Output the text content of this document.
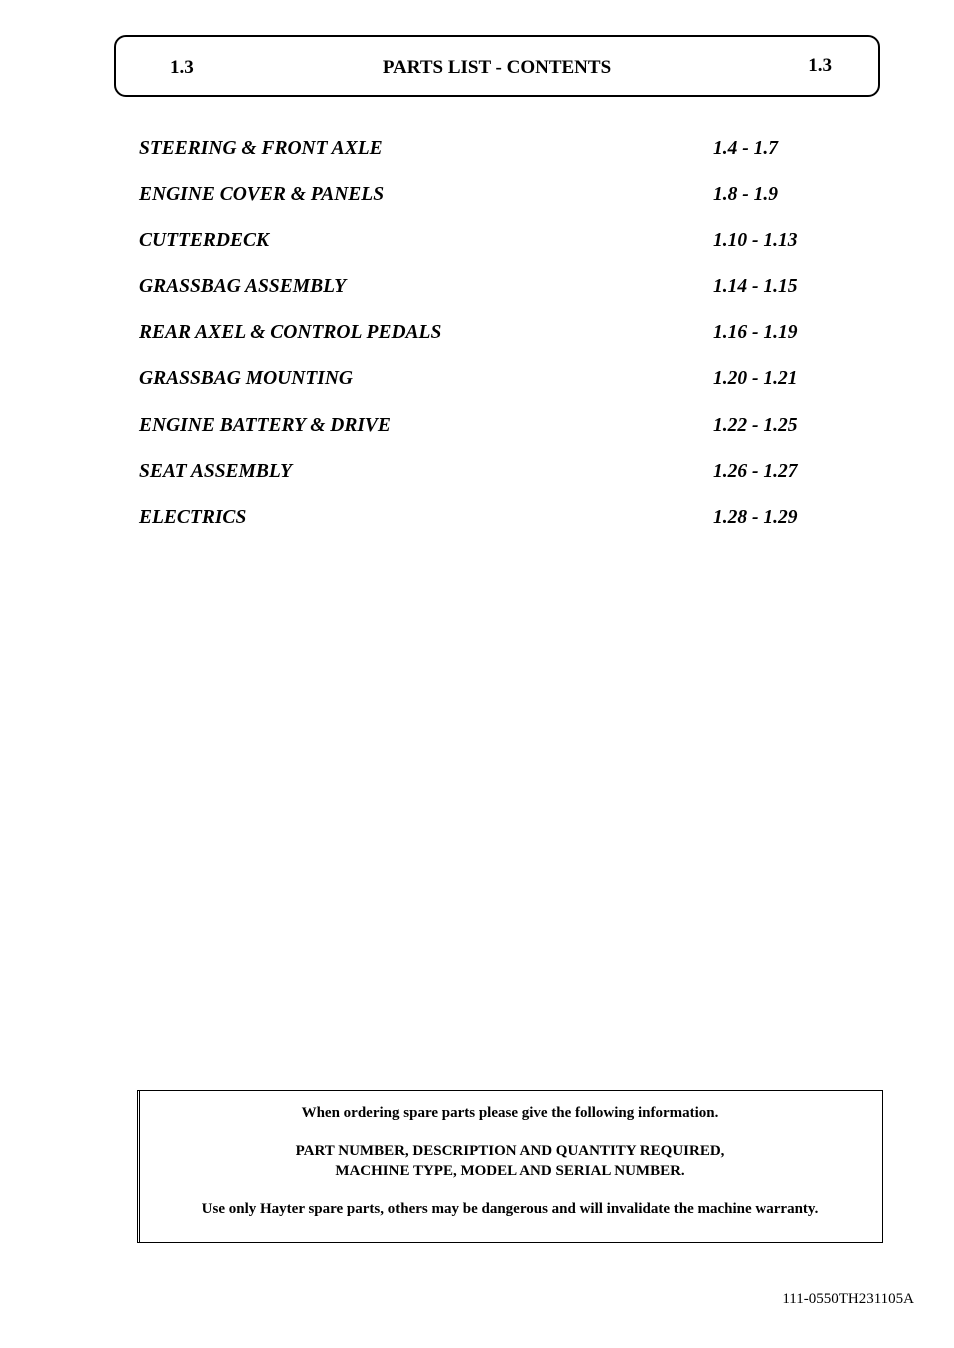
1.3	PARTS LIST - CONTENTS	1.3
STEERING & FRONT AXLE	1.4 - 1.7
ENGINE COVER & PANELS	1.8 - 1.9
CUTTERDECK	1.10 - 1.13
GRASSBAG ASSEMBLY	1.14 - 1.15
REAR AXEL & CONTROL PEDALS	1.16 - 1.19
GRASSBAG MOUNTING	1.20 - 1.21
ENGINE BATTERY & DRIVE	1.22 - 1.25
SEAT ASSEMBLY	1.26 - 1.27
ELECTRICS	1.28 - 1.29
When ordering spare parts please give the following information.
PART NUMBER, DESCRIPTION AND QUANTITY REQUIRED,
MACHINE TYPE, MODEL AND SERIAL NUMBER.
Use only Hayter spare parts, others may be dangerous and will invalidate the machine warranty.
111-0550TH231105A
